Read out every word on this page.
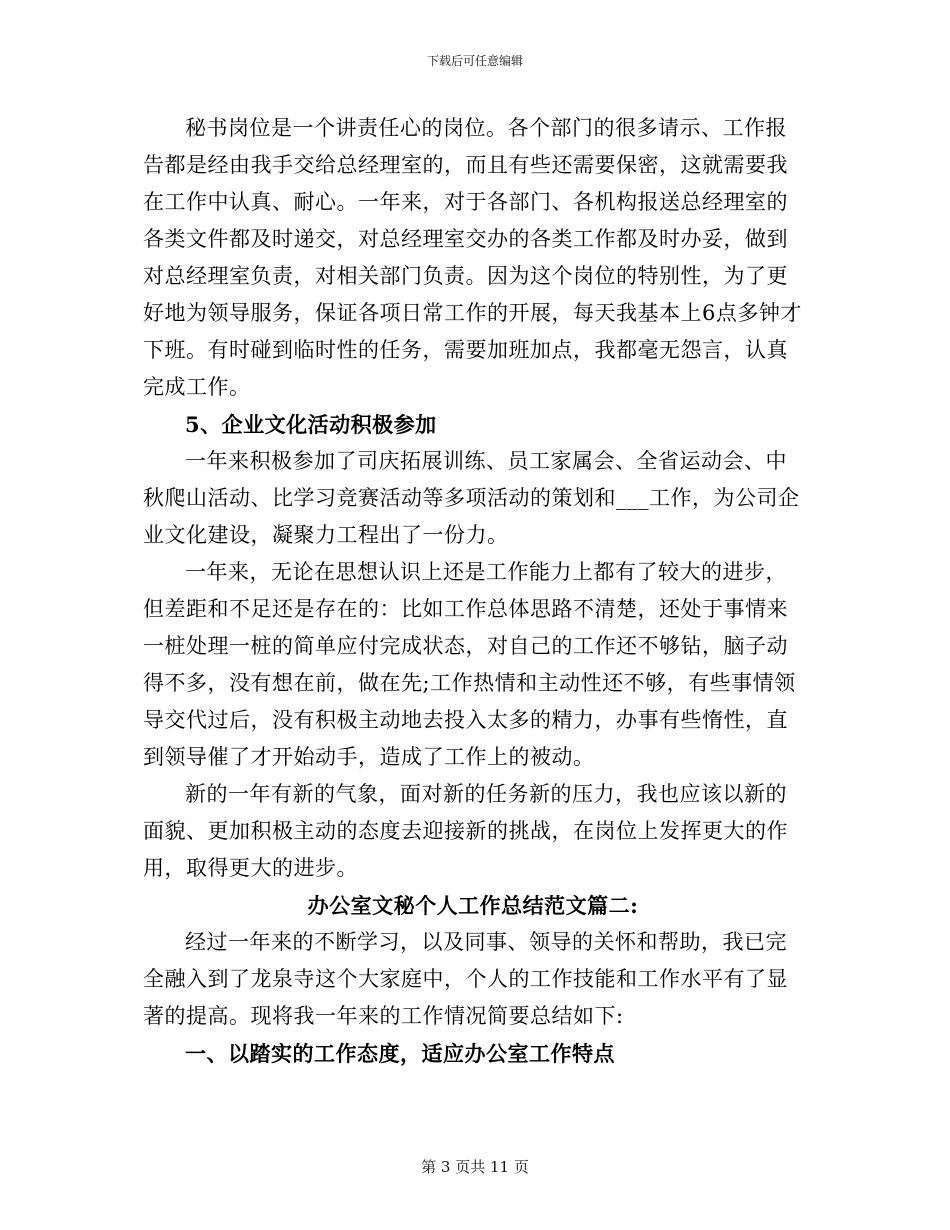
下载后可任意编辑

秘书岗位是一个讲责任心的岗位。各个部门的很多请示、工作报告都是经由我手交给总经理室的，而且有些还需要保密，这就需要我在工作中认真、耐心。一年来，对于各部门、各机构报送总经理室的各类文件都及时递交，对总经理室交办的各类工作都及时办妥，做到对总经理室负责，对相关部门负责。因为这个岗位的特别性，为了更好地为领导服务，保证各项日常工作的开展，每天我基本上6点多钟才下班。有时碰到临时性的任务，需要加班加点，我都毫无怨言，认真完成工作。

5、企业文化活动积极参加

一年来积极参加了司庆拓展训练、员工家属会、全省运动会、中秋爬山活动、比学习竞赛活动等多项活动的策划和___工作，为公司企业文化建设，凝聚力工程出了一份力。

一年来，无论在思想认识上还是工作能力上都有了较大的进步，但差距和不足还是存在的：比如工作总体思路不清楚，还处于事情来一桩处理一桩的简单应付完成状态，对自己的工作还不够钻，脑子动得不多，没有想在前，做在先;工作热情和主动性还不够，有些事情领导交代过后，没有积极主动地去投入太多的精力，办事有些惰性，直到领导催了才开始动手，造成了工作上的被动。

新的一年有新的气象，面对新的任务新的压力，我也应该以新的面貌、更加积极主动的态度去迎接新的挑战，在岗位上发挥更大的作用，取得更大的进步。

办公室文秘个人工作总结范文篇二:

经过一年来的不断学习，以及同事、领导的关怀和帮助，我已完全融入到了龙泉寺这个大家庭中，个人的工作技能和工作水平有了显著的提高。现将我一年来的工作情况简要总结如下:

一、以踏实的工作态度，适应办公室工作特点

第 3 页共 11 页
